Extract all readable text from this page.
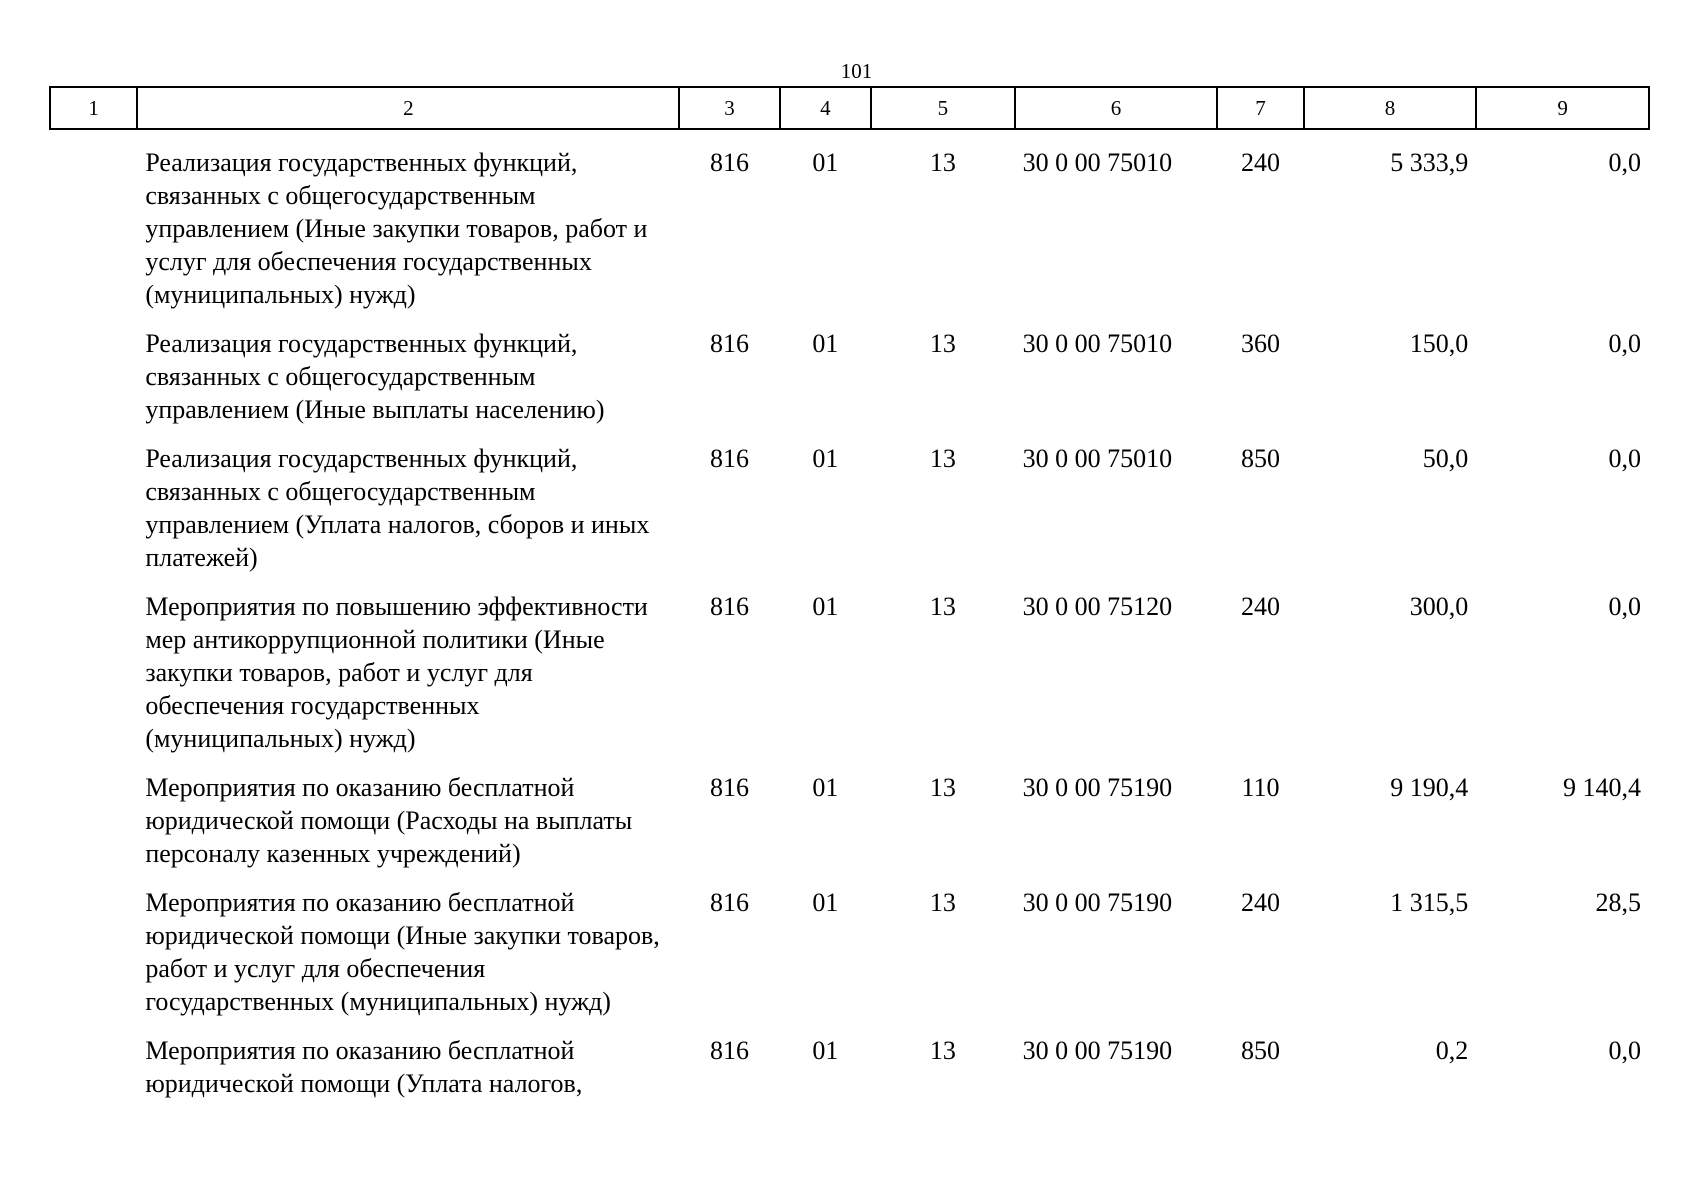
101
1	2	3	4	5	6	7	8	9
	Реализация государственных функций, связанных с общегосударственным управлением (Иные закупки товаров, работ и услуг для обеспечения государственных (муниципальных) нужд)	816	01	13	30 0 00 75010	240	5 333,9	0,0
	Реализация государственных функций, связанных с общегосударственным управлением (Иные выплаты населению)	816	01	13	30 0 00 75010	360	150,0	0,0
	Реализация государственных функций, связанных с общегосударственным управлением (Уплата налогов, сборов и иных платежей)	816	01	13	30 0 00 75010	850	50,0	0,0
	Мероприятия по повышению эффективности мер антикоррупционной политики (Иные закупки товаров, работ и услуг для обеспечения государственных (муниципальных) нужд)	816	01	13	30 0 00 75120	240	300,0	0,0
	Мероприятия по оказанию бесплатной юридической помощи (Расходы на выплаты персоналу казенных учреждений)	816	01	13	30 0 00 75190	110	9 190,4	9 140,4
	Мероприятия по оказанию бесплатной юридической помощи (Иные закупки товаров, работ и услуг для обеспечения государственных (муниципальных) нужд)	816	01	13	30 0 00 75190	240	1 315,5	28,5
	Мероприятия по оказанию бесплатной юридической помощи (Уплата налогов,	816	01	13	30 0 00 75190	850	0,2	0,0
